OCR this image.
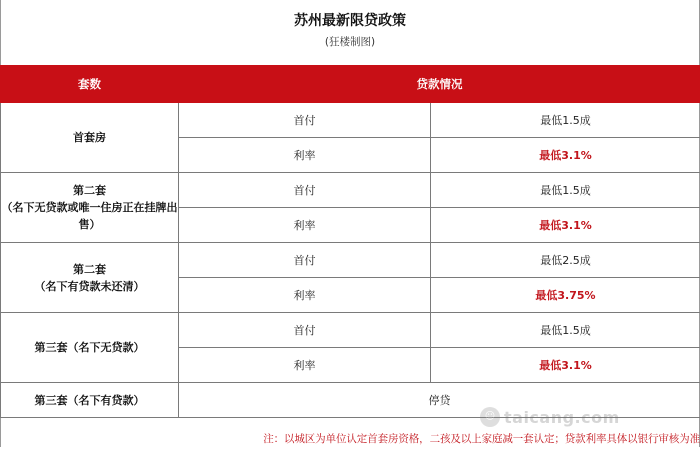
苏州最新限贷政策
(狂楼制图)
套数	贷款情况	
首套房	首付	最低1.5成
	利率	最低3.1%
第二套
（名下无贷款或唯一住房正在挂牌出售）	首付	最低1.5成
	利率	最低3.1%
第二套
（名下有贷款未还清）	首付	最低2.5成
	利率	最低3.75%
第三套（名下无贷款）	首付	最低1.5成
	利率	最低3.1%
第三套（名下有贷款）	停贷	
☺ taicang.com
注：以城区为单位认定首套房资格，二孩及以上家庭减一套认定；贷款利率具体以银行审核为准
